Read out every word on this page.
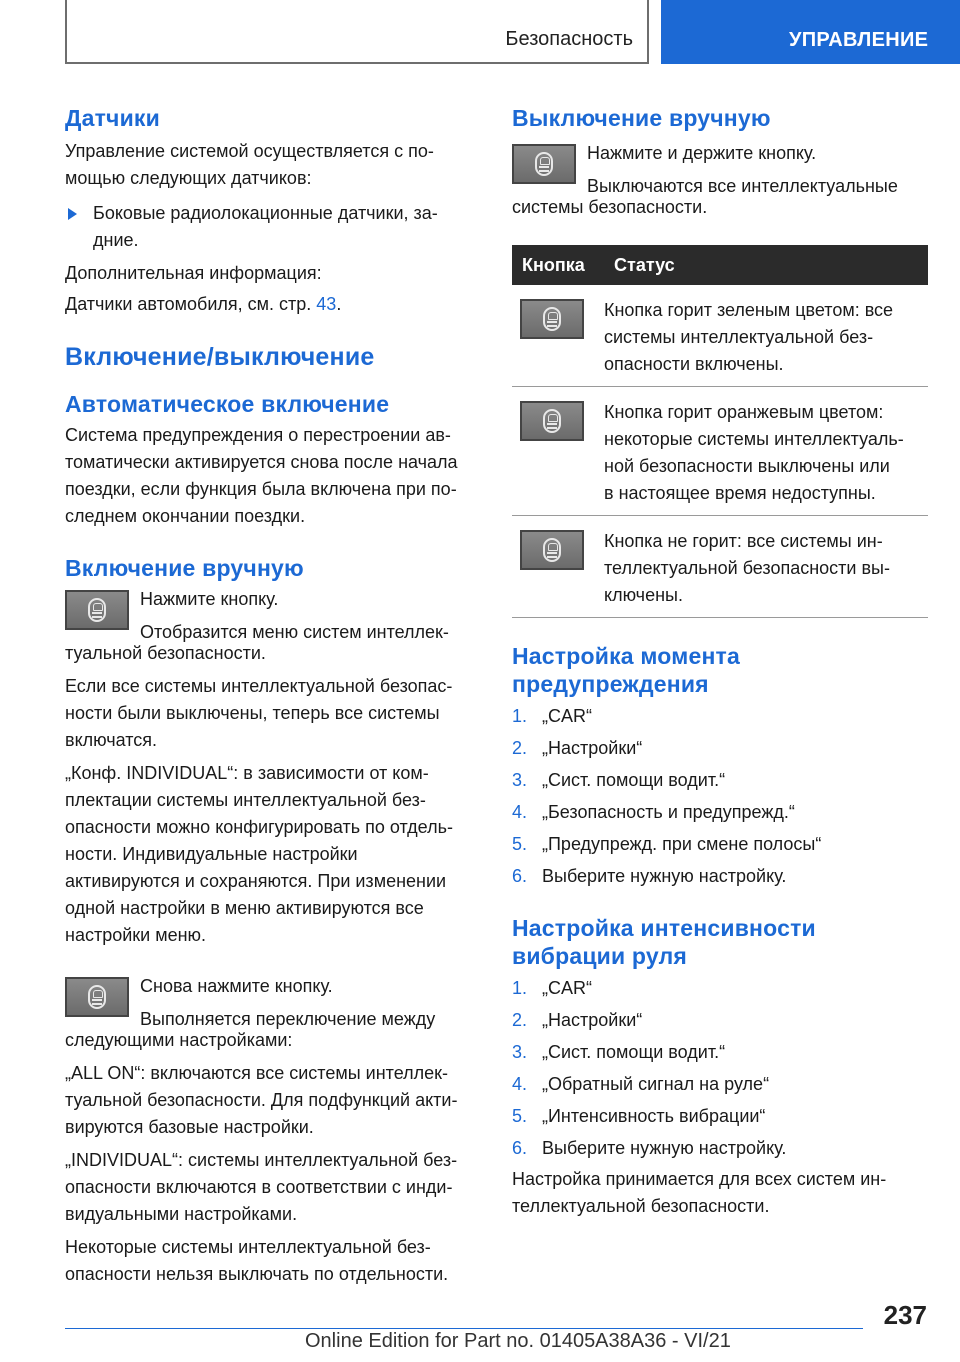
Безопасность	УПРАВЛЕНИЕ
Датчики

Управление системой осуществляется с по-
мощью следующих датчиков:

Боковые радиолокационные датчики, за-
дние.

Дополнительная информация:

Датчики автомобиля, см. стр. 43.

Включение/выключение
Автоматическое включение

Система предупреждения о перестроении ав-
томатически активируется снова после начала
поездки, если функция была включена при по-
следнем окончании поездки.

Включение вручную

Нажмите кнопку.

Отобразится меню систем интеллек-

туальной безопасности.

Если все системы интеллектуальной безопас-
ности были выключены, теперь все системы
включатся.

„Конф. INDIVIDUAL“: в зависимости от ком-
плектации системы интеллектуальной без-
опасности можно конфигурировать по отдель-
ности. Индивидуальные настройки
активируются и сохраняются. При изменении
одной настройки в меню активируются все
настройки меню.

Снова нажмите кнопку.

Выполняется переключение между

следующими настройками:

„ALL ON“: включаются все системы интеллек-
туальной безопасности. Для подфункций акти-
вируются базовые настройки.

„INDIVIDUAL“: системы интеллектуальной без-
опасности включаются в соответствии с инди-
видуальными настройками.

Некоторые системы интеллектуальной без-
опасности нельзя выключать по отдельности.

Выключение вручную

Нажмите и держите кнопку.

Выключаются все интеллектуальные

системы безопасности.

Кнопка	Статус

	Кнопка горит зеленым цветом: все
системы интеллектуальной без-
опасности включены.

	Кнопка горит оранжевым цветом:
некоторые системы интеллектуаль-
ной безопасности выключены или
в настоящее время недоступны.

	Кнопка не горит: все системы ин-
теллектуальной безопасности вы-
ключены.
Настройка момента
предупреждения
1. „CAR“
2. „Настройки“
3. „Сист. помощи водит.“
4. „Безопасность и предупрежд.“
5. „Предупрежд. при смене полосы“
6. Выберите нужную настройку.
Настройка интенсивности
вибрации руля
1. „CAR“
2. „Настройки“
3. „Сист. помощи водит.“
4. „Обратный сигнал на руле“
5. „Интенсивность вибрации“
6. Выберите нужную настройку.

Настройка принимается для всех систем ин-
теллектуальной безопасности.

237
Online Edition for Part no. 01405A38A36 - VI/21
